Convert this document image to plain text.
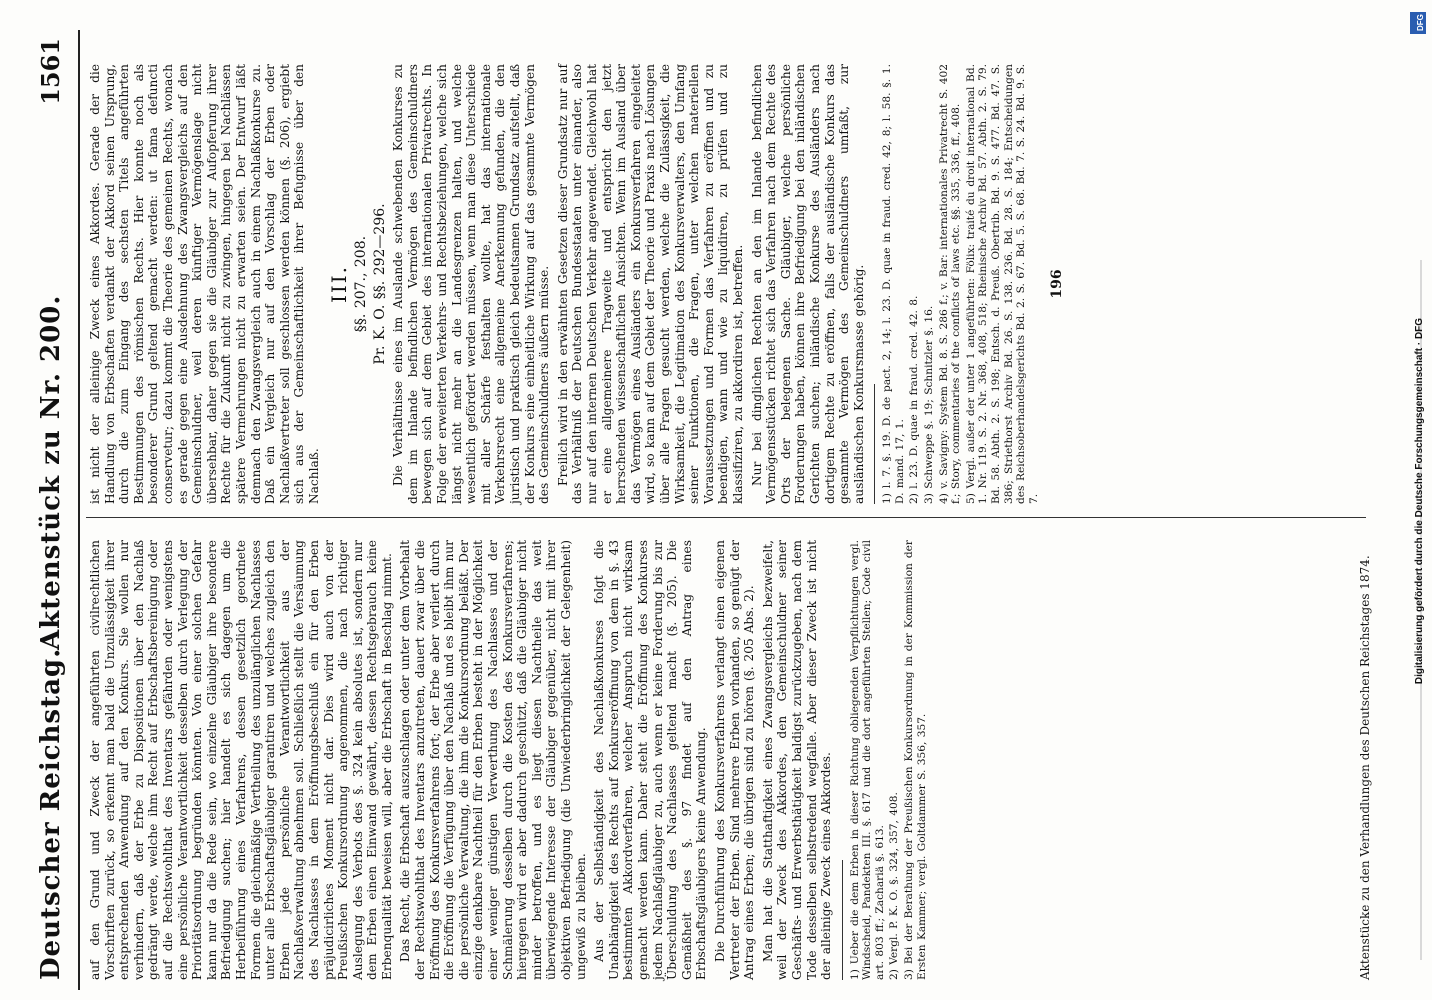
Deutscher Reichstag.
Aktenstück zu Nr. 200.
1561

auf den Grund und Zweck der angeführten civilrechtlichen Vorschriften zurück, so erkennt man bald die Unzulässigkeit ihrer entsprechenden Anwendung auf den Konkurs. Sie wollen nur verhindern, daß der Erbe zu Dispositionen über den Nachlaß gedrängt werde, welche ihm Recht auf Erbschaftsbereinigung oder auf die Rechtswohlthat des Inventars gefährden oder wenigstens eine persönliche Verantwortlichkeit desselben durch Verlegung der Prioritätsordnung begründen könnten. Von einer solchen Gefahr kann nur da die Rede sein, wo einzelne Gläubiger ihre besondere Befriedigung suchen; hier handelt es sich dagegen um die Herbeiführung eines Verfahrens, dessen gesetzlich geordnete Formen die gleichmäßige Vertheilung des unzulänglichen Nachlasses unter alle Erbschaftsgläubiger garantiren und welches zugleich den Erben jede persönliche Verantwortlichkeit aus der Nachlaßverwaltung abnehmen soll. Schließlich stellt die Versäumung des Nachlasses in dem Eröffnungsbeschluß ein für den Erben präjudicirliches Moment nicht dar. Dies wird auch von der Preußischen Konkursordnung angenommen, die nach richtiger Auslegung des Verbots des §. 324 kein absolutes ist, sondern nur dem Erben einen Einwand gewährt, dessen Rechtsgebrauch keine Erbenqualität beweisen will, aber die Erbschaft in Beschlag nimmt. Das Recht, die Erbschaft auszuschlagen oder unter dem Vorbehalt der Rechtswohlthat des Inventars anzutreten, dauert zwar über die Eröffnung des Konkursverfahrens fort; der Erbe aber verliert durch die Eröffnung die Verfügung über den Nachlaß und es bleibt ihm nur die persönliche Verwaltung, die ihm die Konkursordnung beläßt. Der einzige denkbare Nachtheil für den Erben besteht in der Möglichkeit einer weniger günstigen Verwerthung des Nachlasses und der Schmälerung desselben durch die Kosten des Konkursverfahrens; hiergegen wird er aber dadurch geschützt, daß die Gläubiger nicht minder betroffen, und es liegt diesen Nachtheile das weit überwiegende Interesse der Gläubiger gegenüber, nicht mit ihrer objektiven Befriedigung (die Unwiederbringlichkeit der Gelegenheit) ungewiß zu bleiben. Aus der Selbständigkeit des Nachlaßkonkurses folgt die Unabhängigkeit des Rechts auf Konkurseröffnung von dem in §. 43 bestimmten Akkordverfahren, welcher Anspruch nicht wirksam gemacht werden kann. Daher steht die Eröffnung des Konkurses jedem Nachlaßgläubiger zu, auch wenn er keine Forderung bis zur Überschuldung des Nachlasses geltend macht (§. 205). Die Gemäßheit des §. 97 findet auf den Antrag eines Erbschaftsgläubigers keine Anwendung. Die Durchführung des Konkursverfahrens verlangt einen eigenen Vertreter der Erben. Sind mehrere Erben vorhanden, so genügt der Antrag eines Erben; die übrigen sind zu hören (§. 205 Abs. 2). Man hat die Statthaftigkeit eines Zwangsvergleichs bezweifelt, weil der Zweck des Akkordes, den Gemeinschuldner seiner Geschäfts- und Erwerbsthätigkeit baldigst zurückzugeben, nach dem Tode desselben selbstredend wegfalle. Aber dieser Zweck ist nicht der alleinige Zweck eines Akkordes. 1) Ueber die dem Erben in dieser Richtung obliegenden Verpflichtungen vergl. Windscheid, Pandekten III. §. 617 und die dort angeführten Stellen; Code civil art. 803 ff.; Zachariä §. 613. 2) Vergl. P. K. O. §. 324, 357, 408. 3) Bei der Berathung der Preußischen Konkursordnung in der Kommission der Ersten Kammer; vergl. Goltdammer S. 356, 357.

ist nicht der alleinige Zweck eines Akkordes. Gerade der die Handlung von Erbschaften verdankt der Akkord seinen Ursprung, durch die zum Eingang des sechsten Titels angeführten Bestimmungen des römischen Rechts. Hier konnte noch als besonderer Grund geltend gemacht werden: ut fama defuncti conservetur; dazu kommt die Theorie des gemeinen Rechts, wonach es gerade gegen eine Ausdehnung des Zwangsvergleichs auf den Gemeinschuldner, weil deren künftiger Vermögenslage nicht übersehbar, daher gegen sie die Gläubiger zur Aufopferung ihrer Rechte für die Zukunft nicht zu zwingen, hingegen bei Nachlässen spätere Vermehrungen nicht zu erwarten seien. Der Entwurf läßt demnach den Zwangsvergleich auch in einem Nachlaßkonkurse zu. Daß ein Vergleich nur auf den Vorschlag der Erben oder Nachlaßvertreter soll geschlossen werden können (§. 206), ergiebt sich aus der Gemeinschaftlichkeit ihrer Befugnisse über den Nachlaß.

III. §§. 207., 208. Pr. K. O. §§. 292—296. Die Verhältnisse eines im Auslande schwebenden Konkurses zu dem im Inlande befindlichen Vermögen des Gemeinschuldners bewegen sich auf dem Gebiet des internationalen Privatrechts. In Folge der erweiterten Verkehrs- und Rechtsbeziehungen, welche sich längst nicht mehr an die Landesgrenzen halten, und welche wesentlich gefördert werden müssen, wenn man diese Unterschiede mit aller Schärfe festhalten wollte, hat das internationale Verkehrsrecht eine allgemeine Anerkennung gefunden, die den juristisch und praktisch gleich bedeutsamen Grundsatz aufstellt, daß der Konkurs eine einheitliche Wirkung auf das gesammte Vermögen des Gemeinschuldners äußern müsse. Freilich wird in den erwähnten Gesetzen dieser Grundsatz nur auf das Verhältniß der Deutschen Bundesstaaten unter einander, also nur auf den internen Deutschen Verkehr angewendet. Gleichwohl hat er eine allgemeinere Tragweite und entspricht den jetzt herrschenden wissenschaftlichen Ansichten. Wenn im Ausland über das Vermögen eines Ausländers ein Konkursverfahren eingeleitet wird, so kann auf dem Gebiet der Theorie und Praxis nach Lösungen über alle Fragen gesucht werden, welche die Zulässigkeit, die Wirksamkeit, die Legitimation des Konkursverwalters, den Umfang seiner Funktionen, die Fragen, unter welchen materiellen Voraussetzungen und Formen das Verfahren zu eröffnen und zu beendigen, wann und wie zu liquidiren, zu prüfen und zu klassifiziren, zu akkordiren ist, betreffen. Nur bei dinglichen Rechten an den im Inlande befindlichen Vermögensstücken richtet sich das Verfahren nach dem Rechte des Orts der belegenen Sache. Gläubiger, welche persönliche Forderungen haben, können ihre Befriedigung bei den inländischen Gerichten suchen; inländische Konkurse des Ausländers nach dortigem Rechte zu eröffnen, falls der ausländische Konkurs das gesammte Vermögen des Gemeinschuldners umfaßt, zur ausländischen Konkursmasse gehörig. 1) l. 7. §. 19. D. de pact. 2, 14; l. 23. D. quae in fraud. cred. 42, 8; l. 58. §. 1. D. mand. 17, 1. 2) l. 23. D. quae in fraud. cred. 42. 8. 3) Schweppe §. 19; Schnitzler §. 16. 4) v. Savigny: System Bd. 8. S. 286 f.; v. Bar: internationales Privatrecht S. 402 f.; Story, commentaries of the conflicts of laws etc. §§. 335, 336, ff., 408. 5) Vergl. außer der unter 1 angeführten: Fölix: traité du droit international Bd. 1. Nr. 119. S. 2. Nr. 368, 408, 518; Rheinische Archiv Bd. 57. Abth. 2. S. 79. Bd. 58. Abth. 2. S. 198; Entsch. d. Preuß. Obertrib. Bd. 9. S. 477. Bd. 47. S. 386; Striethorst Archiv Bd. 26. S. 138. 236. Bd. 28. S. 184; Entscheidungen des Reichsoberhandelsgerichts Bd. 2. S. 67. Bd. 5. S. 68. Bd. 7. S. 24. Bd. 9. S. 7.
196
Aktenstücke zu den Verhandlungen des Deutschen Reichstages 1874.
DFG
Digitalisierung gefördert durch die Deutsche Forschungsgemeinschaft · DFG
